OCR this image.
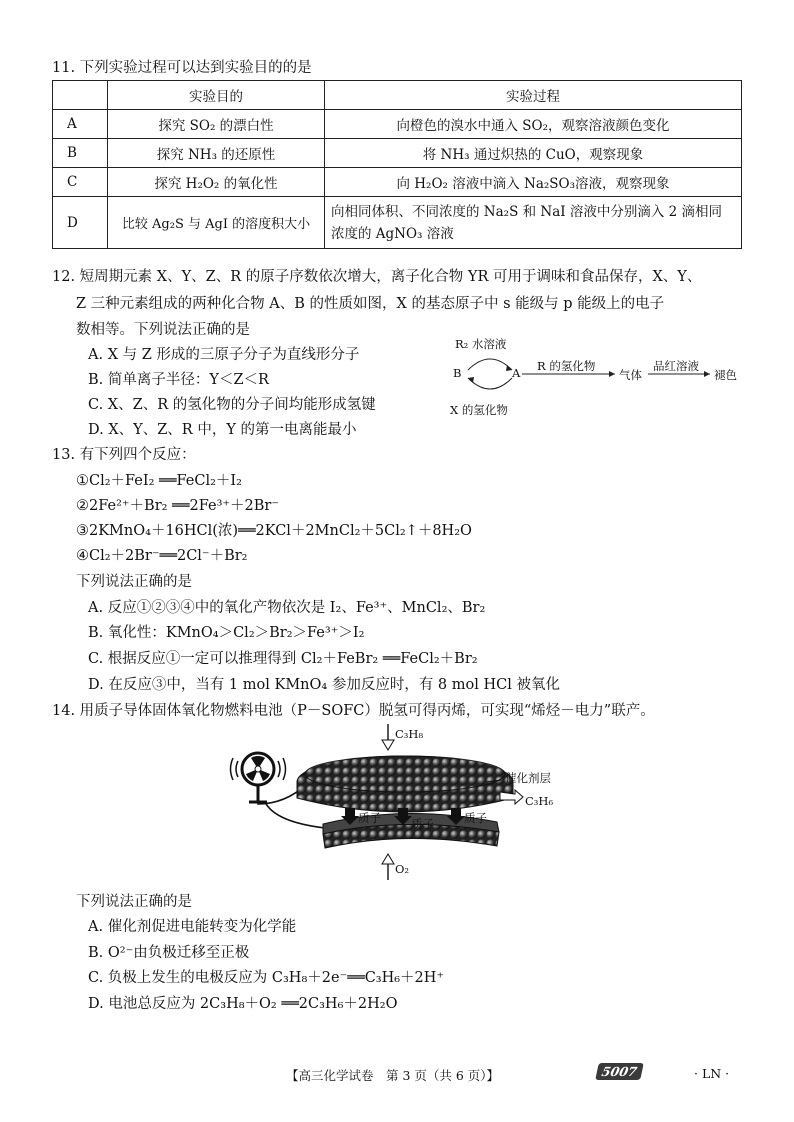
11. 下列实验过程可以达到实验目的的是
	实验目的	实验过程
A	探究 SO₂ 的漂白性	向橙色的溴水中通入 SO₂，观察溶液颜色变化
B	探究 NH₃ 的还原性	将 NH₃ 通过炽热的 CuO，观察现象
C	探究 H₂O₂ 的氧化性	向 H₂O₂ 溶液中滴入 Na₂SO₃溶液，观察现象
D	比较 Ag₂S 与 AgI 的溶度积大小	向相同体积、不同浓度的 Na₂S 和 NaI 溶液中分别滴入 2 滴相同
浓度的 AgNO₃ 溶液
12. 短周期元素 X、Y、Z、R 的原子序数依次增大，离子化合物 YR 可用于调味和食品保存，X、Y、
Z 三种元素组成的两种化合物 A、B 的性质如图，X 的基态原子中 s 能级与 p 能级上的电子
数相等。下列说法正确的是
A. X 与 Z 形成的三原子分子为直线形分子
B. 简单离子半径：Y＜Z＜R
C. X、Z、R 的氢化物的分子间均能形成氢键
D. X、Y、Z、R 中，Y 的第一电离能最小
R₂ 水溶液
B	A
X 的氢化物
R 的氢化物
气体
品红溶液
褪色
13. 有下列四个反应：
①Cl₂＋FeI₂ ══FeCl₂＋I₂
②2Fe²⁺＋Br₂ ══2Fe³⁺＋2Br⁻
③2KMnO₄＋16HCl(浓)══2KCl＋2MnCl₂＋5Cl₂↑＋8H₂O
④Cl₂＋2Br⁻══2Cl⁻＋Br₂
下列说法正确的是
A. 反应①②③④中的氧化产物依次是 I₂、Fe³⁺、MnCl₂、Br₂
B. 氧化性：KMnO₄＞Cl₂＞Br₂＞Fe³⁺＞I₂
C. 根据反应①一定可以推理得到 Cl₂＋FeBr₂ ══FeCl₂＋Br₂
D. 在反应③中，当有 1 mol KMnO₄ 参加反应时，有 8 mol HCl 被氧化
14. 用质子导体固体氧化物燃料电池（P－SOFC）脱氢可得丙烯，可实现“烯烃－电力”联产。
C₃H₈
催化剂层
C₃H₆
质子	质子	质子
O₂
下列说法正确的是
A. 催化剂促进电能转变为化学能
B. O²⁻由负极迁移至正极
C. 负极上发生的电极反应为 C₃H₈＋2e⁻══C₃H₆＋2H⁺
D. 电池总反应为 2C₃H₈＋O₂ ══2C₃H₆＋2H₂O
【高三化学试卷　第 3 页（共 6 页）】	5007	· LN ·
